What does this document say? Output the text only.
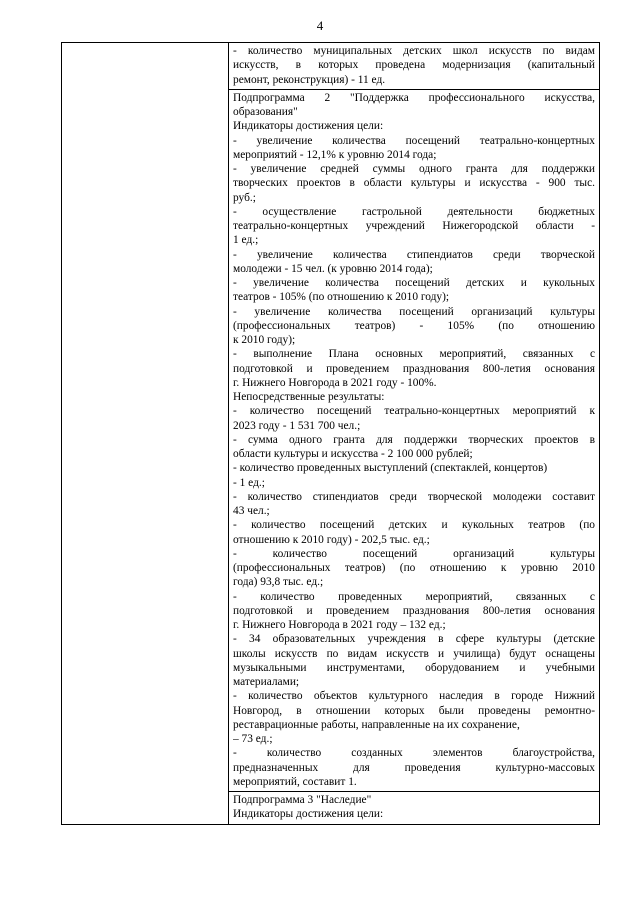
4

- количество муниципальных детских школ искусств по видам
искусств, в которых проведена модернизация (капитальный
ремонт, реконструкция) - 11 ед.

Подпрограмма 2 "Поддержка профессионального искусства,
образования"
Индикаторы достижения цели:
- увеличение количества посещений театрально-концертных
мероприятий - 12,1% к уровню 2014 года;
- увеличение средней суммы одного гранта для поддержки
творческих проектов в области культуры и искусства - 900 тыс.
руб.;
- осуществление гастрольной деятельности бюджетных
театрально-концертных учреждений Нижегородской области -
1 ед.;
- увеличение количества стипендиатов среди творческой
молодежи - 15 чел. (к уровню 2014 года);
- увеличение количества посещений детских и кукольных
театров - 105% (по отношению к 2010 году);
- увеличение количества посещений организаций культуры
(профессиональных театров) - 105% (по отношению
к 2010 году);
- выполнение Плана основных мероприятий, связанных с
подготовкой и проведением празднования 800-летия основания
г. Нижнего Новгорода в 2021 году - 100%.
Непосредственные результаты:
- количество посещений театрально-концертных мероприятий к
2023 году - 1 531 700 чел.;
- сумма одного гранта для поддержки творческих проектов в
области культуры и искусства - 2 100 000 рублей;
- количество проведенных выступлений (спектаклей, концертов)
- 1 ед.;
- количество стипендиатов среди творческой молодежи составит
43 чел.;
- количество посещений детских и кукольных театров (по
отношению к 2010 году) - 202,5 тыс. ед.;
- количество посещений организаций культуры
(профессиональных театров) (по отношению к уровню 2010
года) 93,8 тыс. ед.;
- количество проведенных мероприятий, связанных с
подготовкой и проведением празднования 800-летия основания
г. Нижнего Новгорода в 2021 году – 132 ед.;
- 34 образовательных учреждения в сфере культуры (детские
школы искусств по видам искусств и училища) будут оснащены
музыкальными инструментами, оборудованием и учебными
материалами;
- количество объектов культурного наследия в городе Нижний
Новгород, в отношении которых были проведены ремонтно-
реставрационные работы, направленные на их сохранение,
– 73 ед.;
- количество созданных элементов благоустройства,
предназначенных для проведения культурно-массовых
мероприятий, составит 1.

Подпрограмма 3 "Наследие"
Индикаторы достижения цели:
